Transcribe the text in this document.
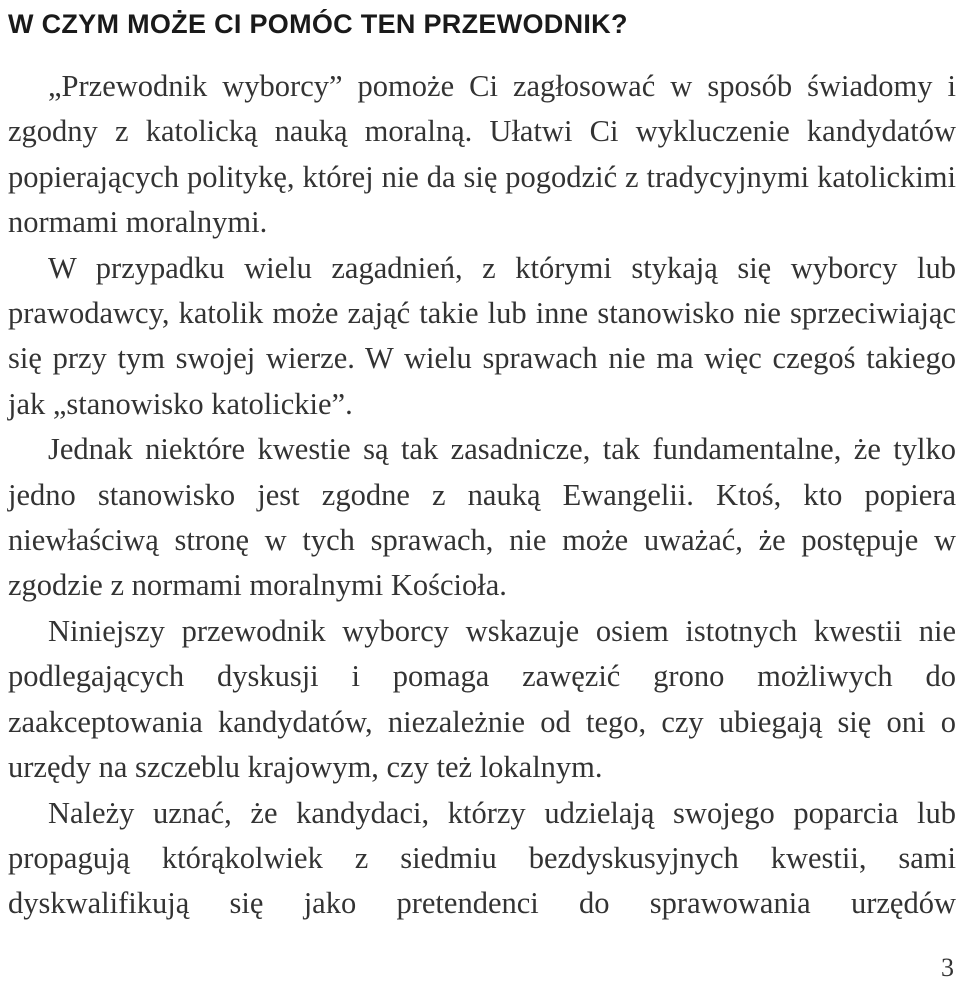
W CZYM MOŻE CI POMÓC TEN PRZEWODNIK?

„Przewodnik wyborcy” pomoże Ci zagłosować w sposób świadomy i zgodny z katolicką nauką moralną. Ułatwi Ci wykluczenie kandydatów popierających politykę, której nie da się pogodzić z tradycyjnymi katolickimi normami moralnymi.

W przypadku wielu zagadnień, z którymi stykają się wyborcy lub prawodawcy, katolik może zająć takie lub inne stanowisko nie sprzeciwiając się przy tym swojej wierze. W wielu sprawach nie ma więc czegoś takiego jak „stanowisko katolickie”.

Jednak niektóre kwestie są tak zasadnicze, tak fundamentalne, że tylko jedno stanowisko jest zgodne z nauką Ewangelii. Ktoś, kto popiera niewłaściwą stronę w tych sprawach, nie może uważać, że postępuje w zgodzie z normami moralnymi Kościoła.

Niniejszy przewodnik wyborcy wskazuje osiem istotnych kwestii nie podlegających dyskusji i pomaga zawęzić grono możliwych do zaakceptowania kandydatów, niezależnie od tego, czy ubiegają się oni o urzędy na szczeblu krajowym, czy też lokalnym.

Należy uznać, że kandydaci, którzy udzielają swojego poparcia lub propagują którąkolwiek z siedmiu bezdyskusyjnych kwestii, sami dyskwalifikują się jako pretendenci do sprawowania urzędów

3
